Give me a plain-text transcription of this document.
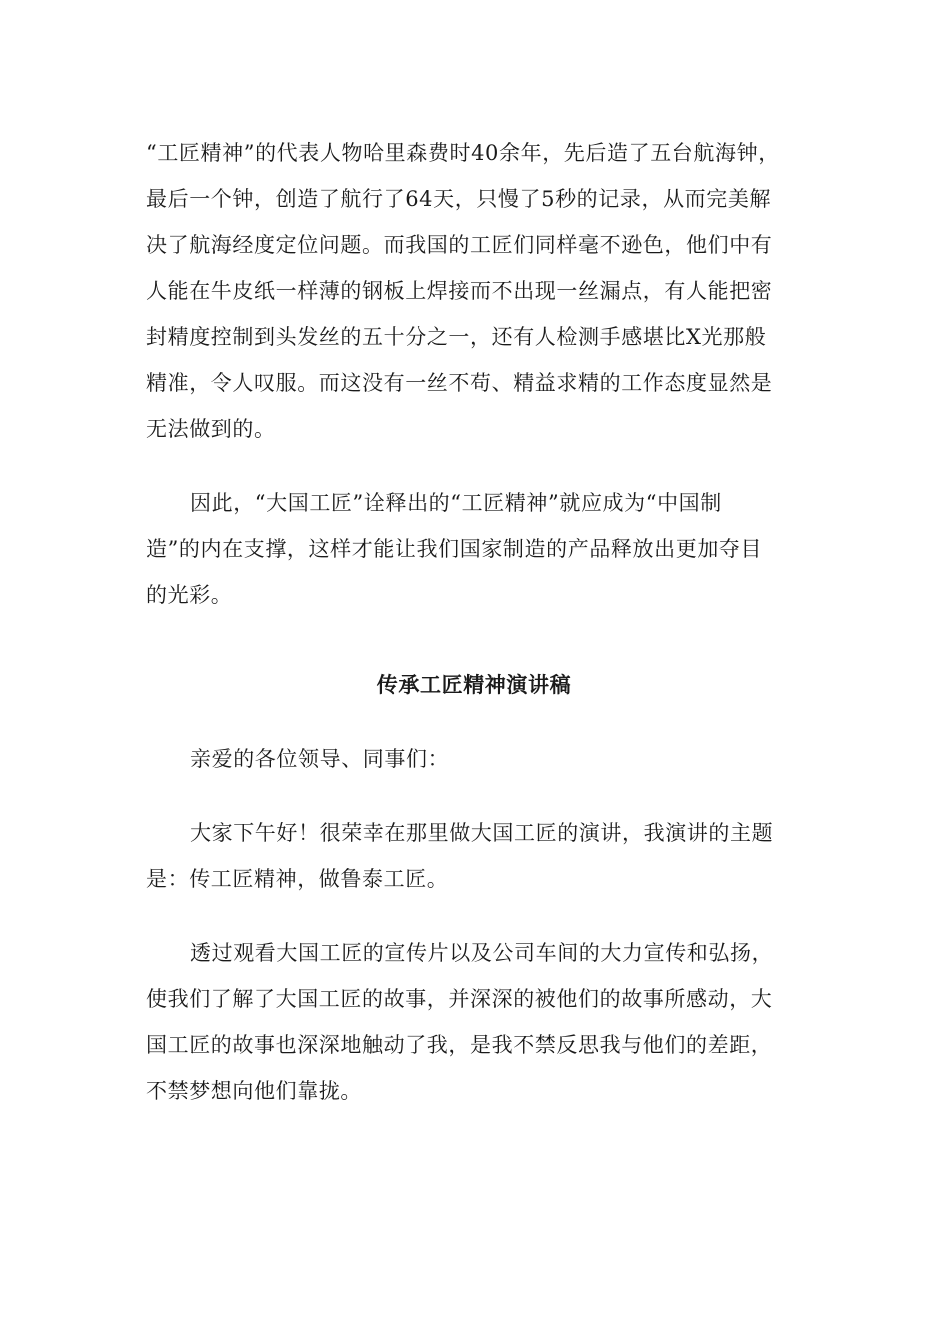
“工匠精神”的代表人物哈里森费时40余年，先后造了五台航海钟，
最后一个钟，创造了航行了64天，只慢了5秒的记录，从而完美解
决了航海经度定位问题。而我国的工匠们同样毫不逊色，他们中有
人能在牛皮纸一样薄的钢板上焊接而不出现一丝漏点，有人能把密
封精度控制到头发丝的五十分之一，还有人检测手感堪比X光那般
精准，令人叹服。而这没有一丝不苟、精益求精的工作态度显然是
无法做到的。
因此，“大国工匠”诠释出的“工匠精神”就应成为“中国制
造”的内在支撑，这样才能让我们国家制造的产品释放出更加夺目
的光彩。
传承工匠精神演讲稿
亲爱的各位领导、同事们：
大家下午好！很荣幸在那里做大国工匠的演讲，我演讲的主题
是：传工匠精神，做鲁泰工匠。
透过观看大国工匠的宣传片以及公司车间的大力宣传和弘扬，
使我们了解了大国工匠的故事，并深深的被他们的故事所感动，大
国工匠的故事也深深地触动了我，是我不禁反思我与他们的差距，
不禁梦想向他们靠拢。
